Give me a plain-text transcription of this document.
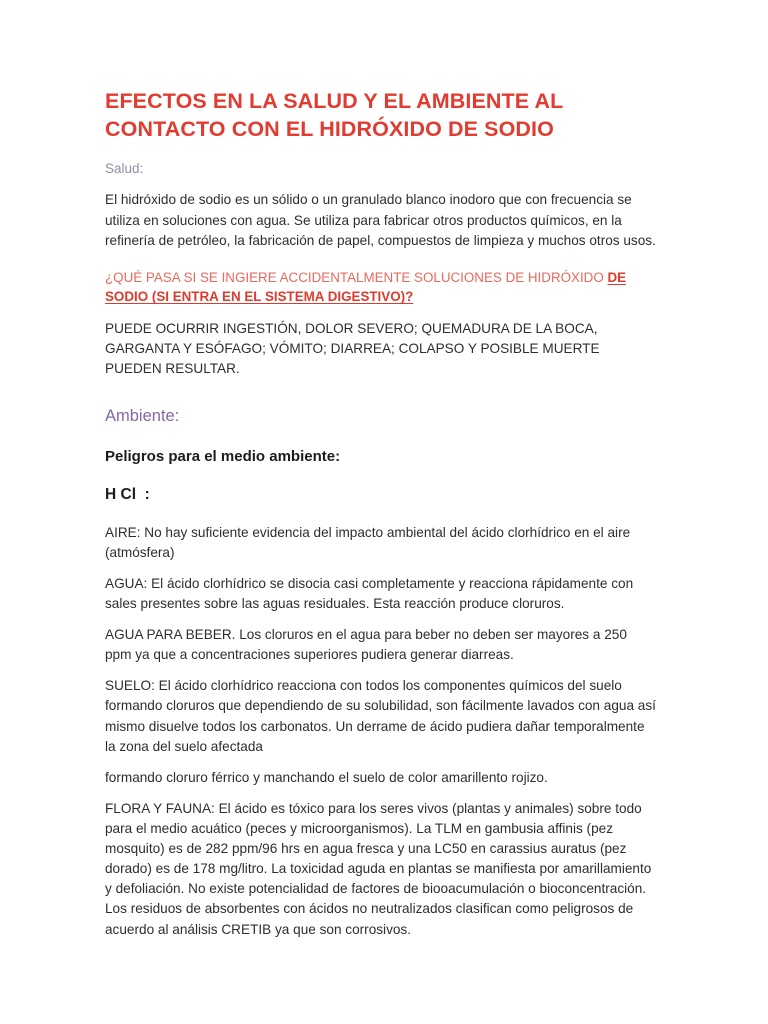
EFECTOS EN LA SALUD Y EL AMBIENTE AL CONTACTO CON EL HIDRÓXIDO DE SODIO

Salud:

El hidróxido de sodio es un sólido o un granulado blanco inodoro que con frecuencia se utiliza en soluciones con agua. Se utiliza para fabricar otros productos químicos, en la refinería de petróleo, la fabricación de papel, compuestos de limpieza y muchos otros usos.

¿QUÉ PASA SI SE INGIERE ACCIDENTALMENTE SOLUCIONES DE HIDRÓXIDO DE SODIO (SI ENTRA EN EL SISTEMA DIGESTIVO)?

PUEDE OCURRIR INGESTIÓN, DOLOR SEVERO; QUEMADURA DE LA BOCA, GARGANTA Y ESÓFAGO; VÓMITO; DIARREA; COLAPSO Y POSIBLE MUERTE PUEDEN RESULTAR.

Ambiente:

Peligros para el medio ambiente:

H Cl  :

AIRE: No hay suficiente evidencia del impacto ambiental del ácido clorhídrico en el aire (atmósfera)

AGUA: El ácido clorhídrico se disocia casi completamente y reacciona rápidamente con sales presentes sobre las aguas residuales. Esta reacción produce cloruros.

AGUA PARA BEBER. Los cloruros en el agua para beber no deben ser mayores a 250 ppm ya que a concentraciones superiores pudiera generar diarreas.

SUELO: El ácido clorhídrico reacciona con todos los componentes químicos del suelo formando cloruros que dependiendo de su solubilidad, son fácilmente lavados con agua así mismo disuelve todos los carbonatos. Un derrame de ácido pudiera dañar temporalmente la zona del suelo afectada

formando cloruro férrico y manchando el suelo de color amarillento rojizo.

FLORA Y FAUNA: El ácido es tóxico para los seres vivos (plantas y animales) sobre todo para el medio acuático (peces y microorganismos). La TLM en gambusia affinis (pez mosquito) es de 282 ppm/96 hrs en agua fresca y una LC50 en carassius auratus (pez dorado) es de 178 mg/litro. La toxicidad aguda en plantas se manifiesta por amarillamiento y defoliación. No existe potencialidad de factores de biooacumulación o bioconcentración. Los residuos de absorbentes con ácidos no neutralizados clasifican como peligrosos de acuerdo al análisis CRETIB ya que son corrosivos.
